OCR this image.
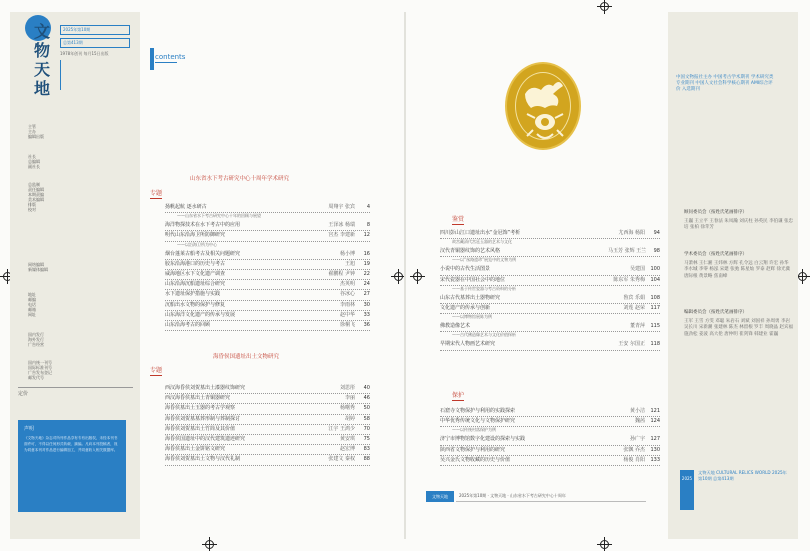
文
物
天
地
2025年第10期
总第413期
1978年创刊 每月15日出版
主管
主办
编辑出版
社长
总编辑
副社长
总监制
责任编辑
本期责编
美术编辑
排版
校对
网络编辑
新媒体编辑
地址
邮编
电话
邮箱
网址
国内发行
海外发行
广告经营
国内统一刊号
国际标准刊号
广告发布登记
邮发代号
定价
声明
《文物天地》杂志对所刊作品享有专有出版权，未经本刊书面许可，不得以任何形式转载、摘编。凡向本刊投稿者，视为同意本刊对作品进行编辑加工，并同意收入相关数据库。
contents
山东省水下考古研究中心十周年学术研究
专题
扬帆起航 逐水研古	周翔宇 张宾	4
——山东省水下考古研究中心十年的回顾与展望
海洋物探技术在水下考古中的应用	王泽冰 杨瑞	8
明代山东沿海卫所防御研究	宫杰 李建新	12
——以沿海卫所为中心
烟台蓬莱古船考古及相关问题研究	杨小博	16
胶东沿海港口的历史与考古	王旭	19
威海地区水下文化遗产调查	翟鹏程 尹钟	22
山东沿海沉船遗址综合研究	杰英明	24
水下遗址保护措施与实践	谷冰心	27
沉船出水文物的保护与修复	李雨林	30
山东海洋文化遗产的传承与发展	赵中华	33
山东沿海考古的回顾	徐桐飞	36
海昏侯国遗址出土文物研究
专题
西汉海昏侯刘贺墓出土漆器纹饰研究	刘思彤	40
西汉海昏侯墓出土青铜器研究	李丽	46
海昏侯墓出土玉器的考古学观察	杨曙秀	50
海昏侯刘贺墓墓葬形制与葬制探讨	胡婷	58
海昏侯刘贺墓出土竹简及其价值	江宇 王鸿少	70
海昏侯国遗址中的汉代建筑遗迹研究	黄安琪	75
海昏侯墓出土金饼铭文研究	赵宏博	83
海昏侯刘贺墓出土文物与汉代礼制	张建文 秦权	88
鉴赏
四川彭山江口遗址出水“金冠饰”考析	尤西海 杨阳	94
故宫藏清代宫廷玉器的艺术与文化
汉代青铜器纹饰的艺术风格	马玉芳 张辉 王兰	98
——以“丝路遗珍”展览中的文物为例
小说中的古代生活图景	吴建国	100
宋代瓷器在中国社会中的地位	陈东军 朱秀梅	104
——基于传世瓷器与考古资料的分析
山东古代墓葬出土器物研究	鲁宾 乐娟	108
文化遗产的传承与创新	刘莲 赵荣	117
——以博物馆展陈为例
佛教造像艺术	董青萍	115
——古代佛造像艺术与文化价值探析
早期宋代人物画艺术研究	王安 尔国正	118
保护
石窟寺文物保护与利用的实践探索	黄小洁	121
中华优秀传统文化与文物保护研究	魏茜	124
——以传统村落保护为例
济宁市博物馆数字化建设的探索与实践	孙广宇	127
陕西省文物保护与利用的研究	张飘 乔杰	130
吴兴金氏文物收藏的历史与价值	杨俊 肖阳	133
文物天地	2025年第10期 · 文物天地 · 山东省水下考古研究中心十周年
中国文物报社主办 中国考古学术期刊 学术研究类专业期刊 中国人文社会科学核心期刊 AMI综合评价 入选期刊
顾问委员会（按姓氏笔画排序）
王巍 王立平 王春法 朱凤瀚 刘庆柱 孙英民 李伯谦 张忠培 张柏 徐苹芳
学术委员会（按姓氏笔画排序）
马萧林 王仁湘 王炜林 方辉 孔令远 白云翔 许宏 孙华 李水城 李零 杨泓 宋建 张弛 陈星灿 罗泰 赵辉 徐光冀 唐际根 黄景略 焦南峰
编辑委员会（按姓氏笔画排序）
王军 王雪 方雯 邓聪 朱岩石 刘斌 刘国祥 孙周勇 李岩 吴长川 宋新潮 张建林 陈杰 林留根 罗丰 周晓晶 赵宾福 施劲松 姜波 高大伦 唐仲明 崔剑锋 韩建业 霍巍
2025
文物天地 CULTURAL RELICS WORLD 2025年第10期 总第413期
